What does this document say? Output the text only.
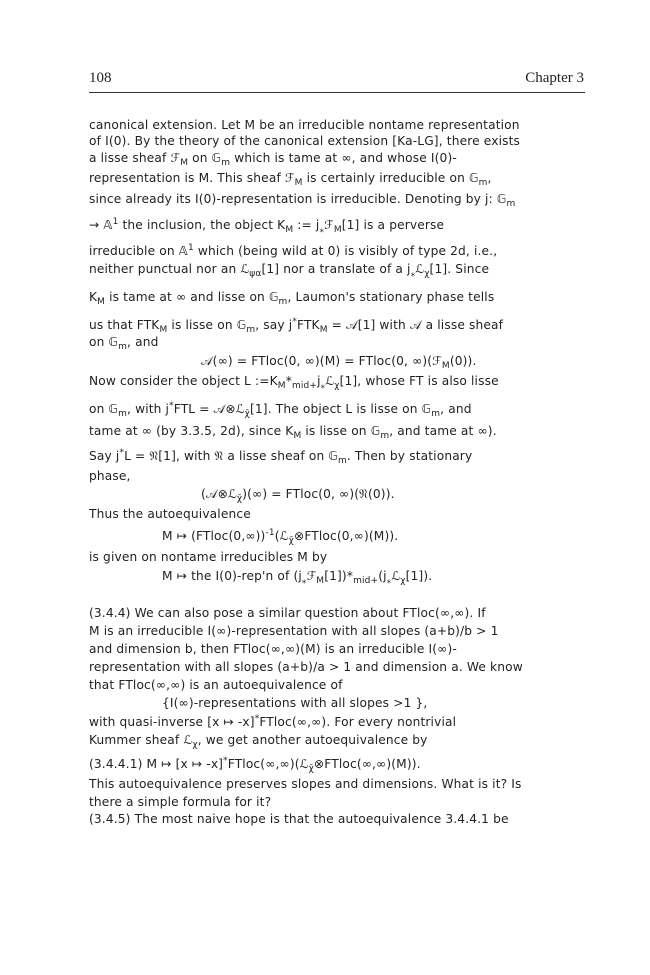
108	Chapter 3
canonical extension. Let M be an irreducible nontame representation
of I(0). By the theory of the canonical extension [Ka-LG], there exists
a lisse sheaf ℱ$_M$ on 𝔾$_m$ which is tame at ∞, and whose I(0)-
representation is M. This sheaf ℱ$_M$ is certainly irreducible on 𝔾$_m$,
since already its I(0)-representation is irreducible. Denoting by j: 𝔾$_m$
→ 𝔸$^1$ the inclusion, the object $K_M$ := $j_⁎ℱ_M[1]$ is a perverse
irreducible on 𝔸$^1$ which (being wild at 0) is visibly of type 2d, i.e.,
neither punctual nor an ℒ$_{\psi\alpha}$[1] nor a translate of a $j_⁎ℒ_\chi[1]$. Since
$K_M$ is tame at ∞ and lisse on 𝔾$_m$, Laumon's stationary phase tells
us that $FTK_M$ is lisse on 𝔾$_m$, say $j^*FTK_M$ = 𝒜[1] with 𝒜 a lisse sheaf
on 𝔾$_m$, and
𝒜(∞) = FTloc(0, ∞)(M) = FTloc(0, ∞)(ℱ$_M$(0)).
Now consider the object L $:=K_M*_{mid+}j_⁎ℒ_\chi[1]$, whose FT is also lisse
on 𝔾$_m$, with j*FTL = 𝒜⊗ℒ$_{\chī}$[1]. The object L is lisse on 𝔾$_m$, and
tame at ∞ (by 3.3.5, 2d), since $K_M$ is lisse on 𝔾$_m$, and tame at ∞).
Say j*L = 𝔑[1], with 𝔑 a lisse sheaf on 𝔾$_m$. Then by stationary
phase,
(𝒜⊗ℒ$_{\chī}$)(∞) = FTloc(0, ∞)(𝔑(0)).
Thus the autoequivalence
M ↦ (FTloc(0,∞))$^{-1}$(ℒ$_{\chī}$⊗FTloc(0,∞)(M)).
is given on nontame irreducibles M by
M ↦ the I(0)-rep'n of $(j_⁎ℱ_M[1])*_{mid+}(j_⁎ℒ_\chi[1])$.
(3.4.4) We can also pose a similar question about FTloc(∞,∞). If
M is an irreducible I(∞)-representation with all slopes (a+b)/b > 1
and dimension b, then FTloc(∞,∞)(M) is an irreducible I(∞)-
representation with all slopes (a+b)/a > 1 and dimension a. We know
that FTloc(∞,∞) is an autoequivalence of
{I(∞)-representations with all slopes >1 },
with quasi-inverse [x ↦ -x]*FTloc(∞,∞). For every nontrivial
Kummer sheaf ℒ$_\chi$, we get another autoequivalence by
(3.4.4.1) M ↦ [x ↦ -x]*FTloc(∞,∞)(ℒ$_{\chī}$⊗FTloc(∞,∞)(M)).
This autoequivalence preserves slopes and dimensions. What is it? Is
there a simple formula for it?
(3.4.5) The most naive hope is that the autoequivalence 3.4.4.1 be
